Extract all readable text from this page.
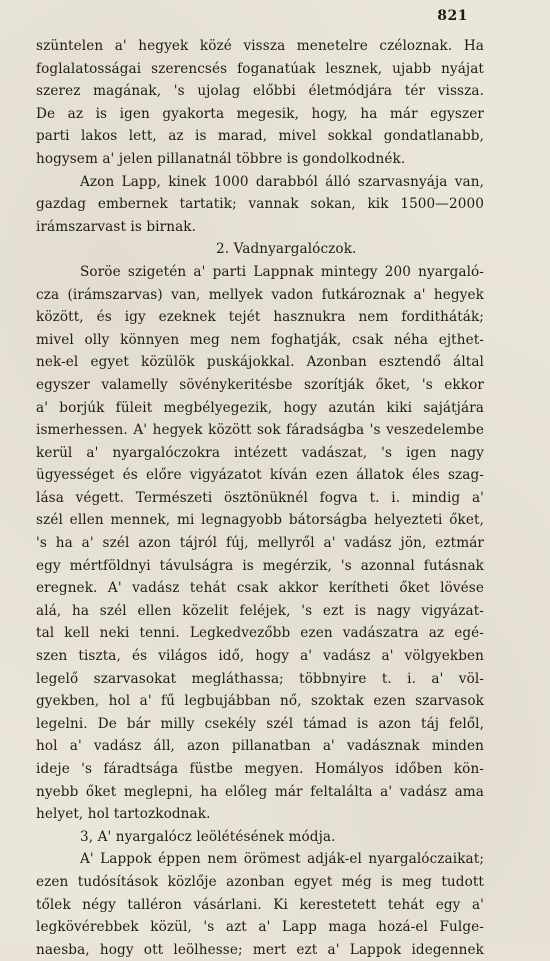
821
szüntelen a' hegyek közé vissza menetelre czéloznak. Ha
foglalatosságai szerencsés foganatúak lesznek, ujabb nyájat
szerez magának, 's ujolag előbbi életmódjára tér vissza.
De az is igen gyakorta megesik, hogy, ha már egyszer
parti lakos lett, az is marad, mivel sokkal gondatlanabb,
hogysem a' jelen pillanatnál többre is gondolkodnék.
Azon Lapp, kinek 1000 darabból álló szarvasnyája van,
gazdag embernek tartatik; vannak sokan, kik 1500—2000
irámszarvast is birnak.
2. Vadnyargalóczok.
Soröe szigetén a' parti Lappnak mintegy 200 nyargaló-
cza (irámszarvas) van, mellyek vadon futkároznak a' hegyek
között, és igy ezeknek tejét hasznukra nem forditháták;
mivel olly könnyen meg nem foghatják, csak néha ejthet-
nek-el egyet közülök puskájokkal. Azonban esztendő által
egyszer valamelly sövénykeritésbe szorítják őket, 's ekkor
a' borjúk füleit megbélyegezik, hogy azután kiki sajátjára
ismerhessen. A' hegyek között sok fáradságba 's veszedelembe
kerül a' nyargalóczokra intézett vadászat, 's igen nagy
ügyességet és előre vigyázatot kíván ezen állatok éles szag-
lása végett. Természeti ösztönüknél fogva t. i. mindig a'
szél ellen mennek, mi legnagyobb bátorságba helyezteti őket,
's ha a' szél azon tájról fúj, mellyről a' vadász jön, eztmár
egy mértföldnyi távulságra is megérzik, 's azonnal futásnak
eregnek. A' vadász tehát csak akkor kerítheti őket lövése
alá, ha szél ellen közelit feléjek, 's ezt is nagy vigyázat-
tal kell neki tenni. Legkedvezőbb ezen vadászatra az egé-
szen tiszta, és világos idő, hogy a' vadász a' völgyekben
legelő szarvasokat megláthassa; többnyire t. i. a' völ-
gyekben, hol a' fű legbujábban nő, szoktak ezen szarvasok
legelni. De bár milly csekély szél támad is azon táj felől,
hol a' vadász áll, azon pillanatban a' vadásznak minden
ideje 's fáradtsága füstbe megyen. Homályos időben kön-
nyebb őket meglepni, ha előleg már feltalálta a' vadász ama
helyet, hol tartozkodnak.
3, A' nyargalócz leölétésének módja.
A' Lappok éppen nem örömest adják-el nyargalóczaikat;
ezen tudósítások közlője azonban egyet még is meg tudott
tőlek négy talléron vásárlani. Ki kerestetett tehát egy a'
legkövérebbek közül, 's azt a' Lapp maga hozá-el Fulge-
naesba, hogy ott leölhesse; mert ezt a' Lappok idegennek
